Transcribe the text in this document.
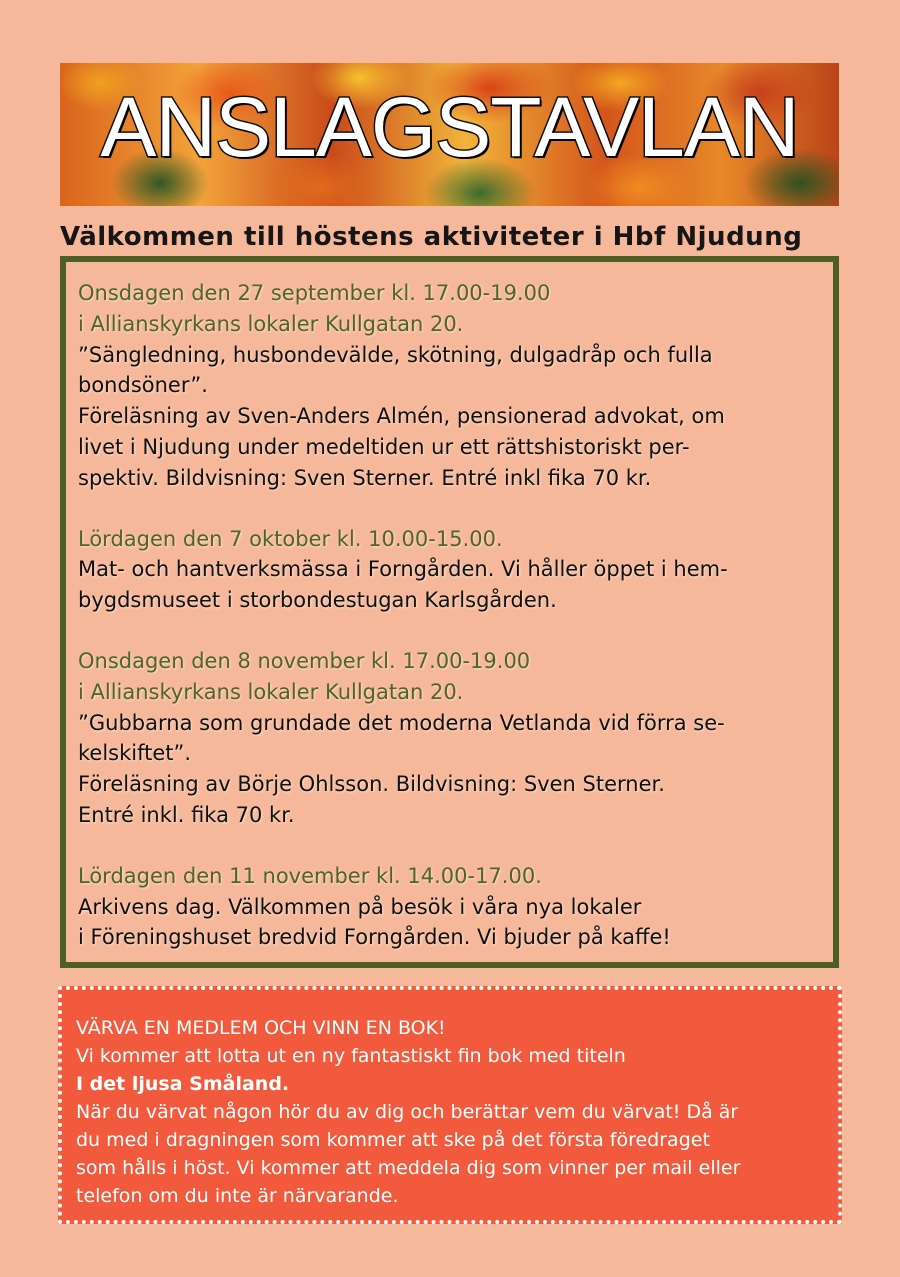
ANSLAGSTAVLAN
Välkommen till höstens aktiviteter i Hbf Njudung
Onsdagen den 27 september kl. 17.00-19.00
i Allianskyrkans lokaler Kullgatan 20.
”Sängledning, husbondevälde, skötning, dulgadråp och fulla
bondsöner”.
Föreläsning av Sven-Anders Almén, pensionerad advokat, om
livet i Njudung under medeltiden ur ett rättshistoriskt per-
spektiv. Bildvisning: Sven Sterner. Entré inkl fika 70 kr.
Lördagen den 7 oktober kl. 10.00-15.00.
Mat- och hantverksmässa i Forngården. Vi håller öppet i hem-
bygdsmuseet i storbondestugan Karlsgården.
Onsdagen den 8 november kl. 17.00-19.00
i Allianskyrkans lokaler Kullgatan 20.
”Gubbarna som grundade det moderna Vetlanda vid förra se-
kelskiftet”.
Föreläsning av Börje Ohlsson. Bildvisning: Sven Sterner.
Entré inkl. fika 70 kr.
Lördagen den 11 november kl. 14.00-17.00.
Arkivens dag. Välkommen på besök i våra nya lokaler
i Föreningshuset bredvid Forngården. Vi bjuder på kaffe!
VÄRVA EN MEDLEM OCH VINN EN BOK!
Vi kommer att lotta ut en ny fantastiskt fin bok med titeln
I det ljusa Småland.
När du värvat någon hör du av dig och berättar vem du värvat! Då är
du med i dragningen som kommer att ske på det första föredraget
som hålls i höst. Vi kommer att meddela dig som vinner per mail eller
telefon om du inte är närvarande.
